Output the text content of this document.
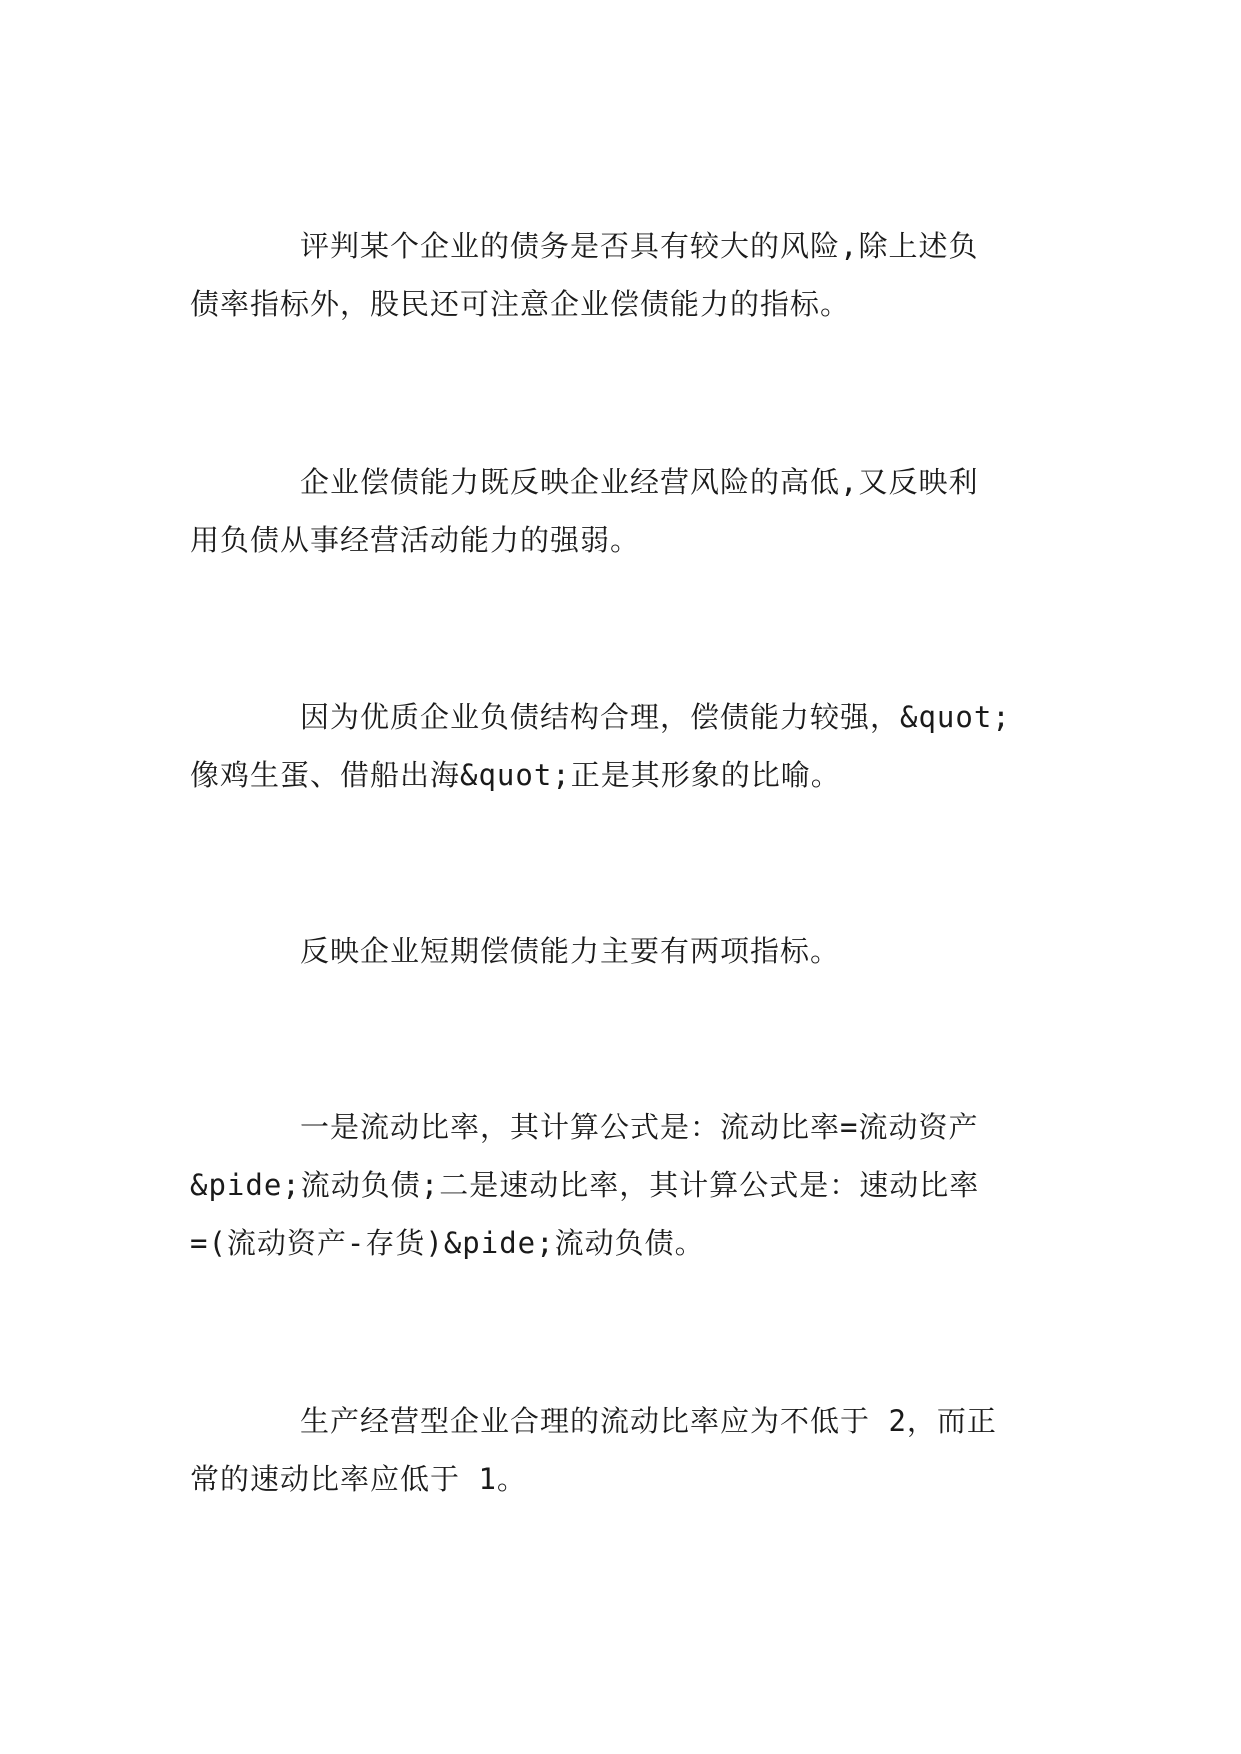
评判某个企业的债务是否具有较大的风险,除上述负
债率指标外，股民还可注意企业偿债能力的指标。

企业偿债能力既反映企业经营风险的高低,又反映利
用负债从事经营活动能力的强弱。

因为优质企业负债结构合理，偿债能力较强，&quot;
像鸡生蛋、借船出海&quot;正是其形象的比喻。

反映企业短期偿债能力主要有两项指标。

一是流动比率，其计算公式是：流动比率=流动资产
&pide;流动负债;二是速动比率，其计算公式是：速动比率
=(流动资产-存货)&pide;流动负债。

生产经营型企业合理的流动比率应为不低于 2，而正
常的速动比率应低于 1。
